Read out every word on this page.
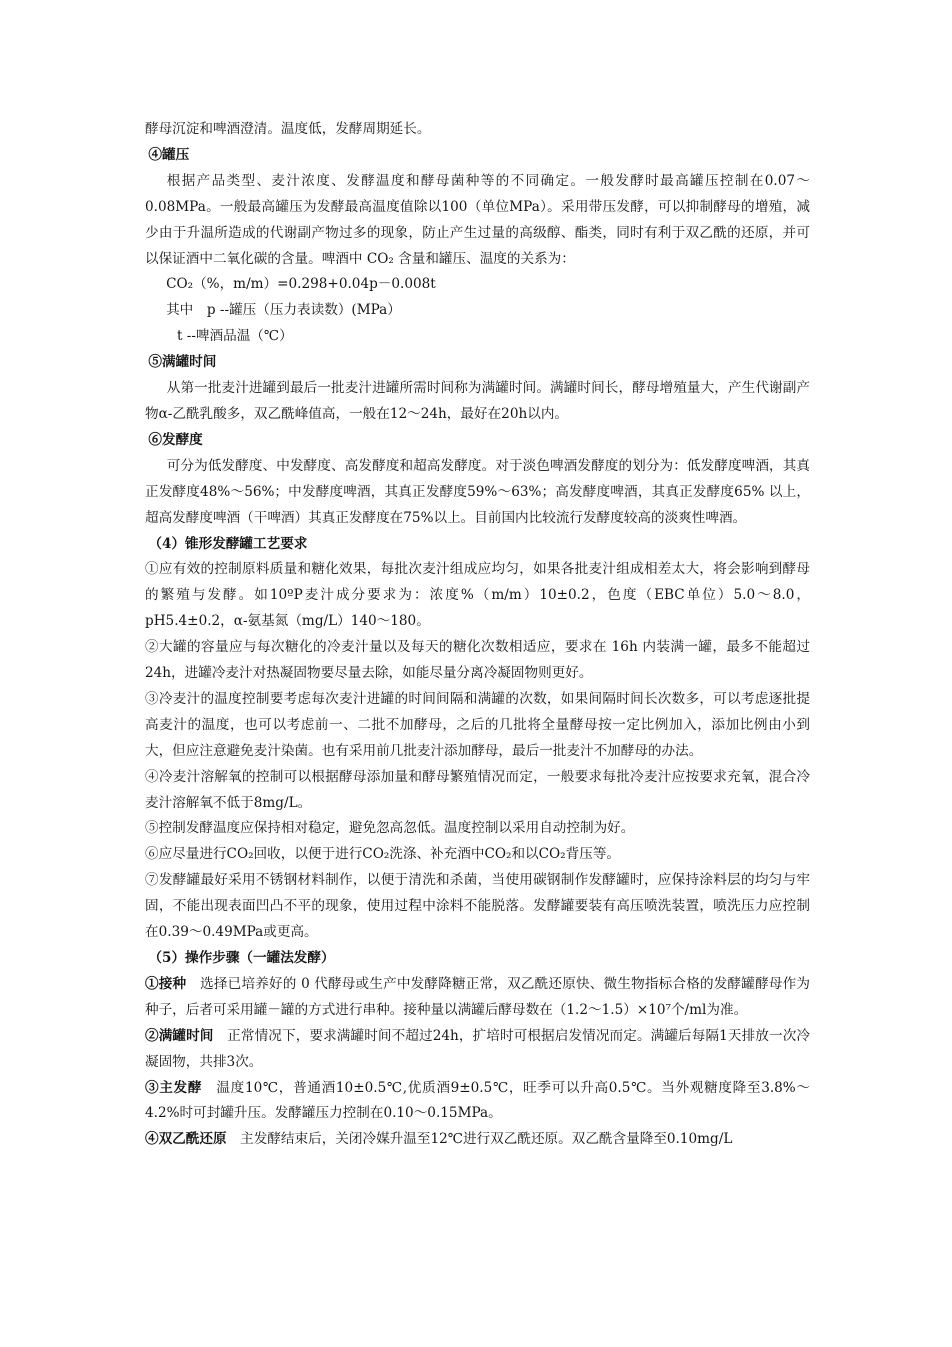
酵母沉淀和啤酒澄清。温度低，发酵周期延长。

④罐压

根据产品类型、麦汁浓度、发酵温度和酵母菌种等的不同确定。一般发酵时最高罐压控制在0.07～0.08MPa。一般最高罐压为发酵最高温度值除以100（单位MPa）。采用带压发酵，可以抑制酵母的增殖，减少由于升温所造成的代谢副产物过多的现象，防止产生过量的高级醇、酯类，同时有利于双乙酰的还原，并可以保证酒中二氧化碳的含量。啤酒中 CO₂ 含量和罐压、温度的关系为：

CO₂（%，m/m）=0.298+0.04p－0.008t

其中　p --罐压（压力表读数）(MPa）

t --啤酒品温（℃）

⑤满罐时间

从第一批麦汁进罐到最后一批麦汁进罐所需时间称为满罐时间。满罐时间长，酵母增殖量大，产生代谢副产物α-乙酰乳酸多，双乙酰峰值高，一般在12～24h，最好在20h以内。

⑥发酵度

可分为低发酵度、中发酵度、高发酵度和超高发酵度。对于淡色啤酒发酵度的划分为：低发酵度啤酒，其真正发酵度48%～56%；中发酵度啤酒，其真正发酵度59%～63%；高发酵度啤酒，其真正发酵度65% 以上，超高发酵度啤酒（干啤酒）其真正发酵度在75%以上。目前国内比较流行发酵度较高的淡爽性啤酒。

（4）锥形发酵罐工艺要求

①应有效的控制原料质量和糖化效果，每批次麦汁组成应均匀，如果各批麦汁组成相差太大，将会影响到酵母的繁殖与发酵。如10ºP麦汁成分要求为：浓度%（m/m）10±0.2，色度（EBC单位）5.0～8.0，pH5.4±0.2，α-氨基氮（mg/L）140～180。

②大罐的容量应与每次糖化的冷麦汁量以及每天的糖化次数相适应，要求在 16h 内装满一罐，最多不能超过24h，进罐冷麦汁对热凝固物要尽量去除，如能尽量分离冷凝固物则更好。

③冷麦汁的温度控制要考虑每次麦汁进罐的时间间隔和满罐的次数，如果间隔时间长次数多，可以考虑逐批提高麦汁的温度，也可以考虑前一、二批不加酵母，之后的几批将全量酵母按一定比例加入，添加比例由小到大，但应注意避免麦汁染菌。也有采用前几批麦汁添加酵母，最后一批麦汁不加酵母的办法。

④冷麦汁溶解氧的控制可以根据酵母添加量和酵母繁殖情况而定，一般要求每批冷麦汁应按要求充氧，混合冷麦汁溶解氧不低于8mg/L。

⑤控制发酵温度应保持相对稳定，避免忽高忽低。温度控制以采用自动控制为好。

⑥应尽量进行CO₂回收，以便于进行CO₂洗涤、补充酒中CO₂和以CO₂背压等。

⑦发酵罐最好采用不锈钢材料制作，以便于清洗和杀菌，当使用碳钢制作发酵罐时，应保持涂料层的均匀与牢固，不能出现表面凹凸不平的现象，使用过程中涂料不能脱落。发酵罐要装有高压喷洗装置，喷洗压力应控制在0.39～0.49MPa或更高。

（5）操作步骤（一罐法发酵）

①接种　选择已培养好的 0 代酵母或生产中发酵降糖正常，双乙酰还原快、微生物指标合格的发酵罐酵母作为种子，后者可采用罐－罐的方式进行串种。接种量以满罐后酵母数在（1.2～1.5）×10⁷个/ml为准。

②满罐时间　正常情况下，要求满罐时间不超过24h，扩培时可根据启发情况而定。满罐后每隔1天排放一次冷凝固物，共排3次。

③主发酵　温度10℃，普通酒10±0.5℃,优质酒9±0.5℃，旺季可以升高0.5℃。当外观糖度降至3.8%～4.2%时可封罐升压。发酵罐压力控制在0.10～0.15MPa。

④双乙酰还原　主发酵结束后，关闭冷媒升温至12℃进行双乙酰还原。双乙酰含量降至0.10mg/L
